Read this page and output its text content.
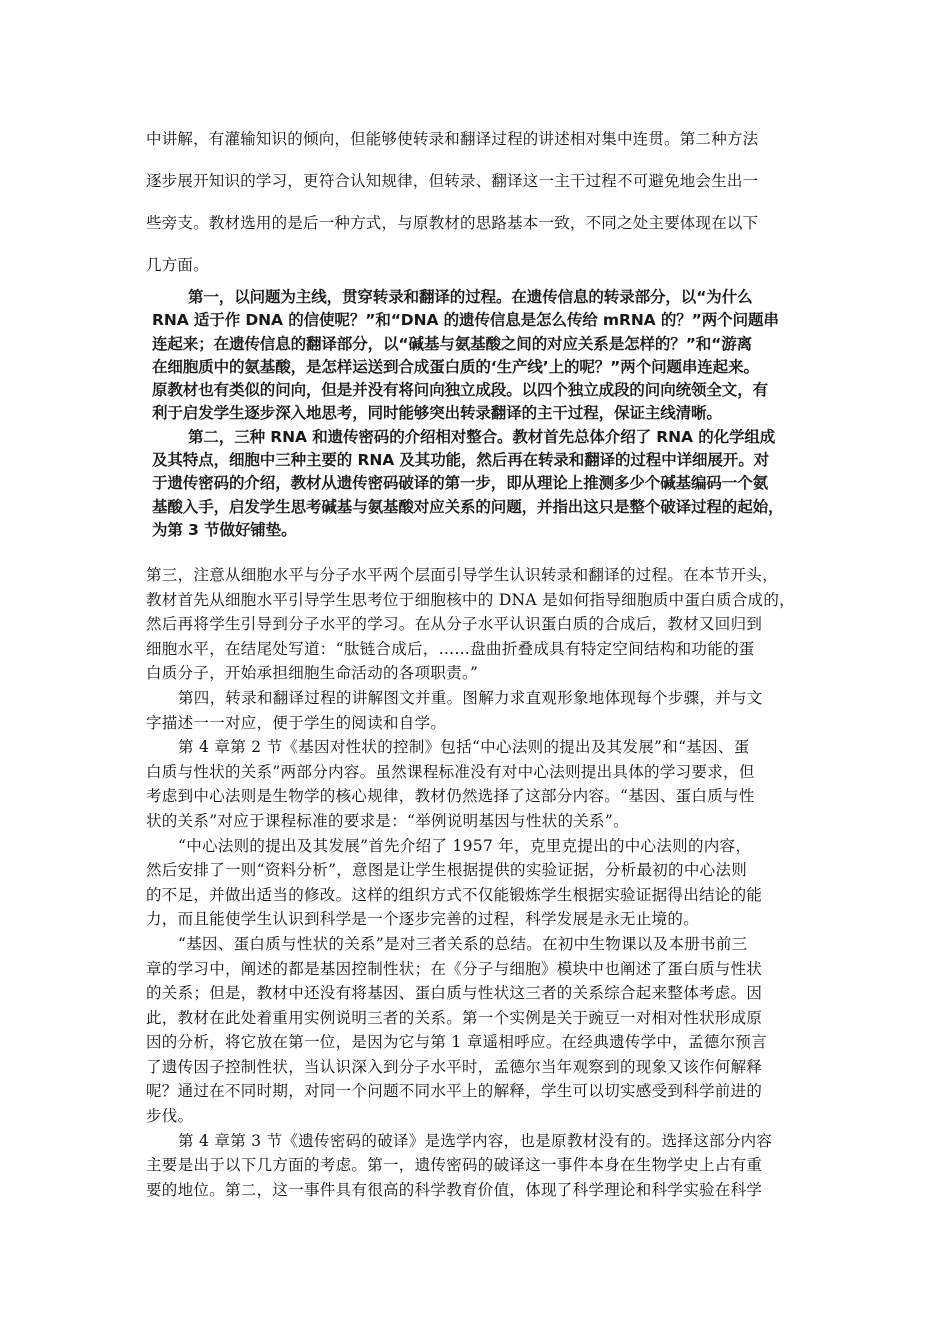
中讲解，有灌输知识的倾向，但能够使转录和翻译过程的讲述相对集中连贯。第二种方法
逐步展开知识的学习，更符合认知规律，但转录、翻译这一主干过程不可避免地会生出一
些旁支。教材选用的是后一种方式，与原教材的思路基本一致，不同之处主要体现在以下
几方面。
第一，以问题为主线，贯穿转录和翻译的过程。在遗传信息的转录部分，以“为什么
RNA 适于作 DNA 的信使呢？”和“DNA 的遗传信息是怎么传给 mRNA 的？”两个问题串
连起来；在遗传信息的翻译部分，以“碱基与氨基酸之间的对应关系是怎样的？”和“游离
在细胞质中的氨基酸，是怎样运送到合成蛋白质的‘生产线’上的呢？”两个问题串连起来。
原教材也有类似的问向，但是并没有将问向独立成段。以四个独立成段的问向统领全文，有
利于启发学生逐步深入地思考，同时能够突出转录翻译的主干过程，保证主线清晰。
第二，三种 RNA 和遗传密码的介绍相对整合。教材首先总体介绍了 RNA 的化学组成
及其特点，细胞中三种主要的 RNA 及其功能，然后再在转录和翻译的过程中详细展开。对
于遗传密码的介绍，教材从遗传密码破译的第一步，即从理论上推测多少个碱基编码一个氨
基酸入手，启发学生思考碱基与氨基酸对应关系的问题，并指出这只是整个破译过程的起始，
为第 3 节做好铺垫。
第三，注意从细胞水平与分子水平两个层面引导学生认识转录和翻译的过程。在本节开头，
教材首先从细胞水平引导学生思考位于细胞核中的 DNA 是如何指导细胞质中蛋白质合成的，
然后再将学生引导到分子水平的学习。在从分子水平认识蛋白质的合成后，教材又回归到
细胞水平，在结尾处写道：“肽链合成后，……盘曲折叠成具有特定空间结构和功能的蛋
白质分子，开始承担细胞生命活动的各项职责。”
第四，转录和翻译过程的讲解图文并重。图解力求直观形象地体现每个步骤，并与文
字描述一一对应，便于学生的阅读和自学。
第 4 章第 2 节《基因对性状的控制》包括“中心法则的提出及其发展”和“基因、蛋
白质与性状的关系”两部分内容。虽然课程标准没有对中心法则提出具体的学习要求，但
考虑到中心法则是生物学的核心规律，教材仍然选择了这部分内容。“基因、蛋白质与性
状的关系”对应于课程标准的要求是：“举例说明基因与性状的关系”。
“中心法则的提出及其发展”首先介绍了 1957 年，克里克提出的中心法则的内容，
然后安排了一则“资料分析”，意图是让学生根据提供的实验证据，分析最初的中心法则
的不足，并做出适当的修改。这样的组织方式不仅能锻炼学生根据实验证据得出结论的能
力，而且能使学生认识到科学是一个逐步完善的过程，科学发展是永无止境的。
“基因、蛋白质与性状的关系”是对三者关系的总结。在初中生物课以及本册书前三
章的学习中，阐述的都是基因控制性状；在《分子与细胞》模块中也阐述了蛋白质与性状
的关系；但是，教材中还没有将基因、蛋白质与性状这三者的关系综合起来整体考虑。因
此，教材在此处着重用实例说明三者的关系。第一个实例是关于豌豆一对相对性状形成原
因的分析，将它放在第一位，是因为它与第 1 章遥相呼应。在经典遗传学中，孟德尔预言
了遗传因子控制性状，当认识深入到分子水平时，孟德尔当年观察到的现象又该作何解释
呢？通过在不同时期，对同一个问题不同水平上的解释，学生可以切实感受到科学前进的
步伐。
第 4 章第 3 节《遗传密码的破译》是选学内容，也是原教材没有的。选择这部分内容
主要是出于以下几方面的考虑。第一，遗传密码的破译这一事件本身在生物学史上占有重
要的地位。第二，这一事件具有很高的科学教育价值，体现了科学理论和科学实验在科学
